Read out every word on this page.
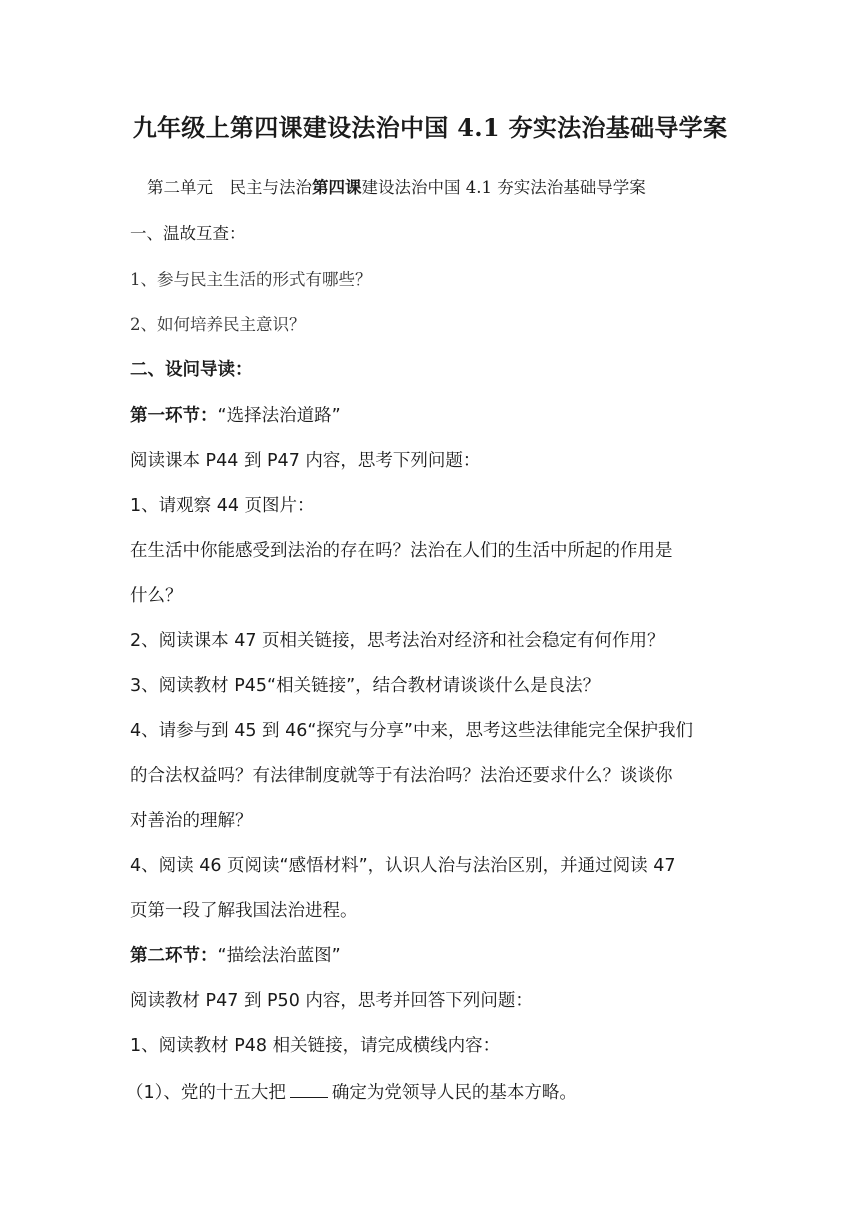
九年级上第四课建设法治中国 4.1 夯实法治基础导学案
第二单元　民主与法治第四课建设法治中国 4.1 夯实法治基础导学案
一、温故互查：
1、参与民主生活的形式有哪些？
2、如何培养民主意识？
二、设问导读：
第一环节：“选择法治道路”
阅读课本 P44 到 P47 内容，思考下列问题：
1、请观察 44 页图片：
在生活中你能感受到法治的存在吗？法治在人们的生活中所起的作用是
什么？
2、阅读课本 47 页相关链接，思考法治对经济和社会稳定有何作用？
3、阅读教材 P45“相关链接”，结合教材请谈谈什么是良法？
4、请参与到 45 到 46“探究与分享”中来，思考这些法律能完全保护我们
的合法权益吗？有法律制度就等于有法治吗？法治还要求什么？谈谈你
对善治的理解？
4、阅读 46 页阅读“感悟材料”，认识人治与法治区别，并通过阅读 47
页第一段了解我国法治进程。
第二环节：“描绘法治蓝图”
阅读教材 P47 到 P50 内容，思考并回答下列问题：
1、阅读教材 P48 相关链接，请完成横线内容：
（1）、党的十五大把	确定为党领导人民的基本方略。
